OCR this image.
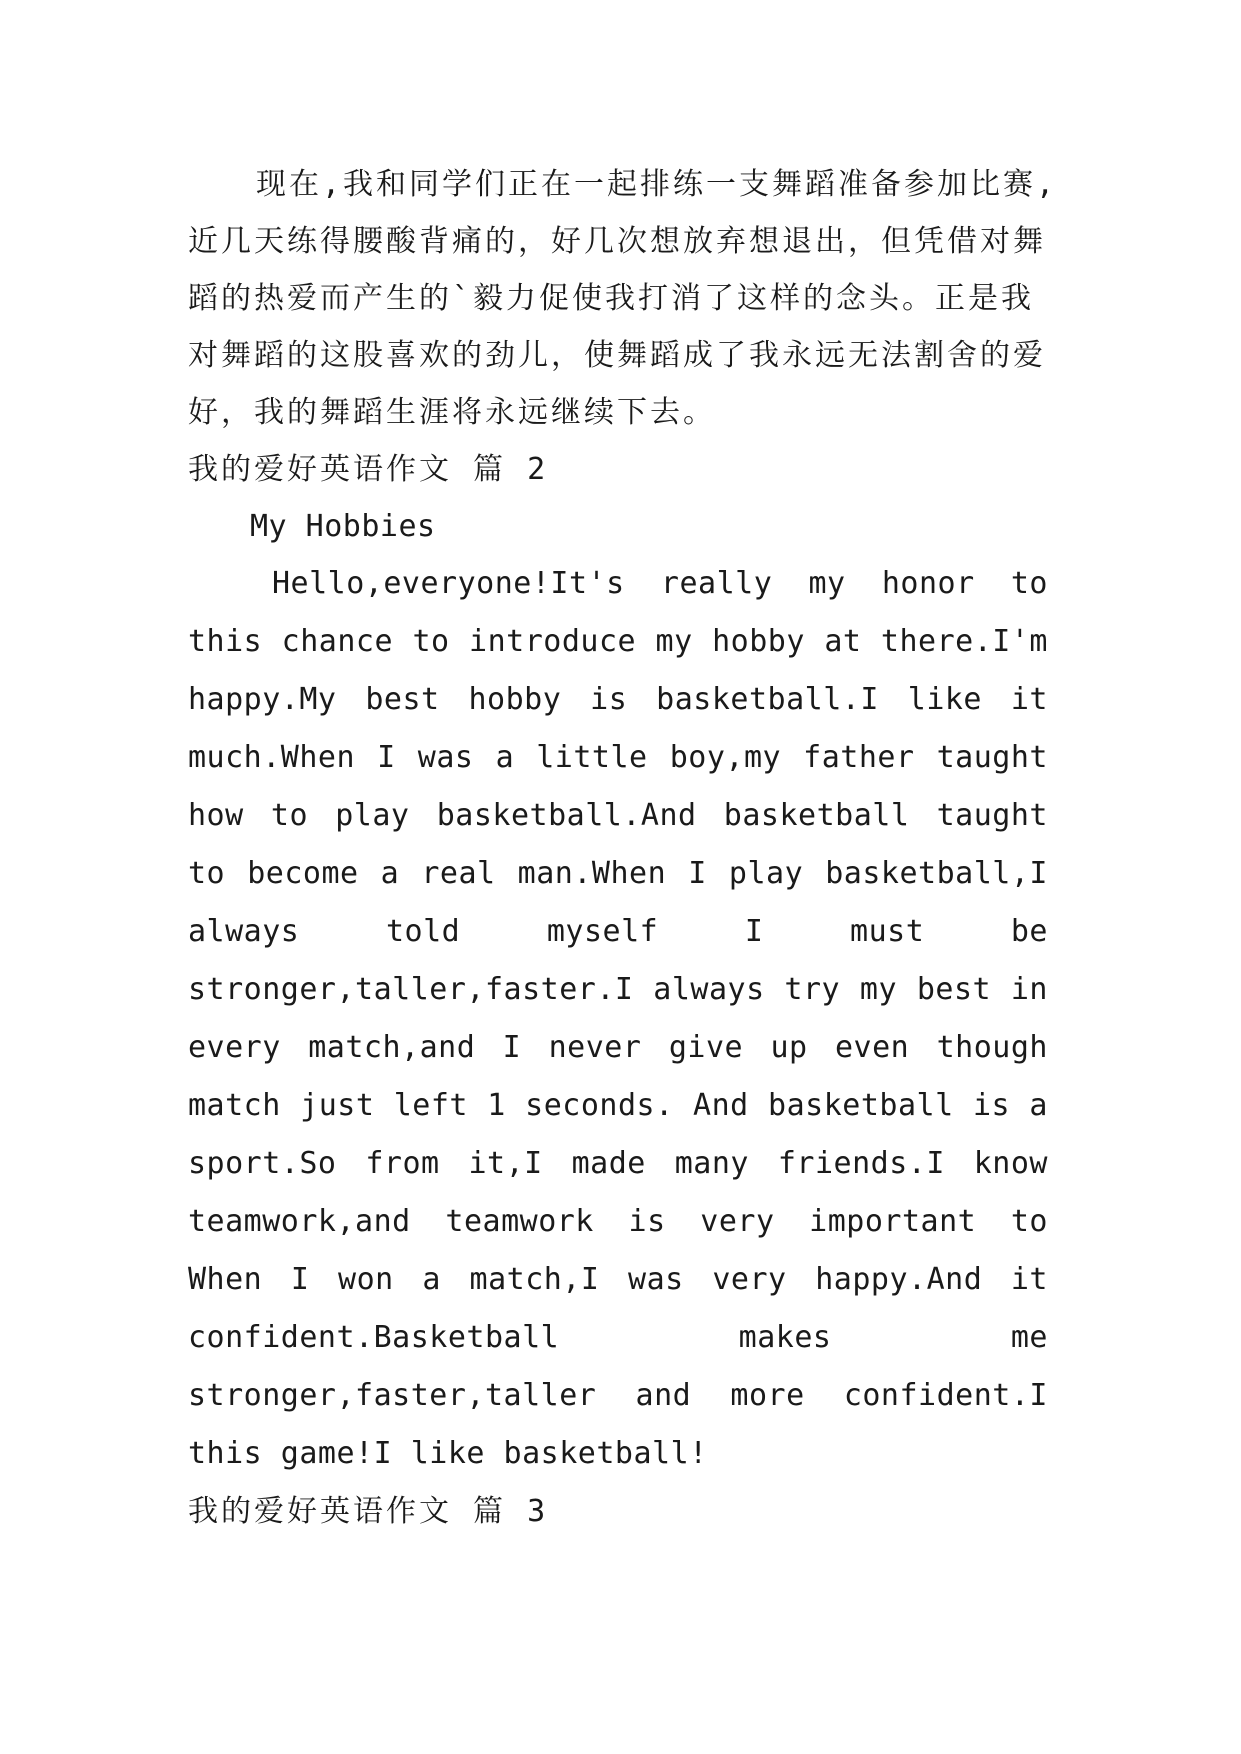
现在,我和同学们正在一起排练一支舞蹈准备参加比赛,
近几天练得腰酸背痛的，好几次想放弃想退出，但凭借对舞
蹈的热爱而产生的`毅力促使我打消了这样的念头。正是我
对舞蹈的这股喜欢的劲儿，使舞蹈成了我永远无法割舍的爱
好，我的舞蹈生涯将永远继续下去。
我的爱好英语作文 篇 2
My Hobbies
Hello,everyone!It's really my honor to
this chance to introduce my hobby at there.I'm
happy.My best hobby is basketball.I like it
much.When I was a little boy,my father taught
how to play basketball.And basketball taught
to become a real man.When I play basketball,I
always told myself I must be
stronger,taller,faster.I always try my best in
every match,and I never give up even though
match just left 1 seconds. And basketball is a
sport.So from it,I made many friends.I know
teamwork,and teamwork is very important to
When I won a match,I was very happy.And it
confident.Basketball makes me
stronger,faster,taller and more confident.I
this game!I like basketball!
我的爱好英语作文 篇 3
